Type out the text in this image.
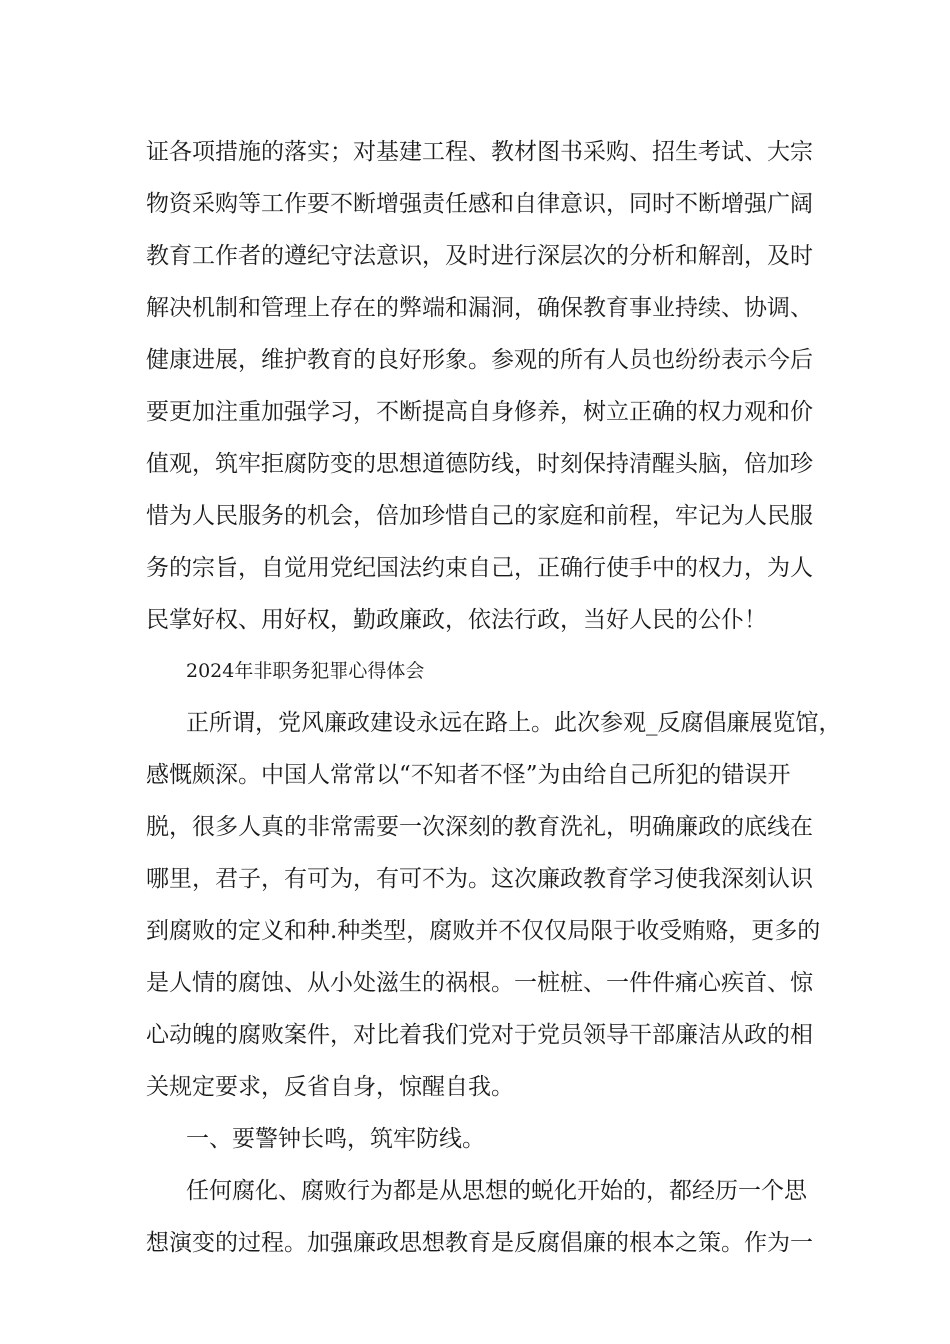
证各项措施的落实；对基建工程、教材图书采购、招生考试、大宗
物资采购等工作要不断增强责任感和自律意识，同时不断增强广阔
教育工作者的遵纪守法意识，及时进行深层次的分析和解剖，及时
解决机制和管理上存在的弊端和漏洞，确保教育事业持续、协调、
健康进展，维护教育的良好形象。参观的所有人员也纷纷表示今后
要更加注重加强学习，不断提高自身修养，树立正确的权力观和价
值观，筑牢拒腐防变的思想道德防线，时刻保持清醒头脑，倍加珍
惜为人民服务的机会，倍加珍惜自己的家庭和前程，牢记为人民服
务的宗旨，自觉用党纪国法约束自己，正确行使手中的权力，为人
民掌好权、用好权，勤政廉政，依法行政，当好人民的公仆！
2024年非职务犯罪心得体会
正所谓，党风廉政建设永远在路上。此次参观_反腐倡廉展览馆，
感慨颇深。中国人常常以“不知者不怪”为由给自己所犯的错误开
脱，很多人真的非常需要一次深刻的教育洗礼，明确廉政的底线在
哪里，君子，有可为，有可不为。这次廉政教育学习使我深刻认识
到腐败的定义和种.种类型，腐败并不仅仅局限于收受贿赂，更多的
是人情的腐蚀、从小处滋生的祸根。一桩桩、一件件痛心疾首、惊
心动魄的腐败案件，对比着我们党对于党员领导干部廉洁从政的相
关规定要求，反省自身，惊醒自我。
一、要警钟长鸣，筑牢防线。
任何腐化、腐败行为都是从思想的蜕化开始的，都经历一个思
想演变的过程。加强廉政思想教育是反腐倡廉的根本之策。作为一
